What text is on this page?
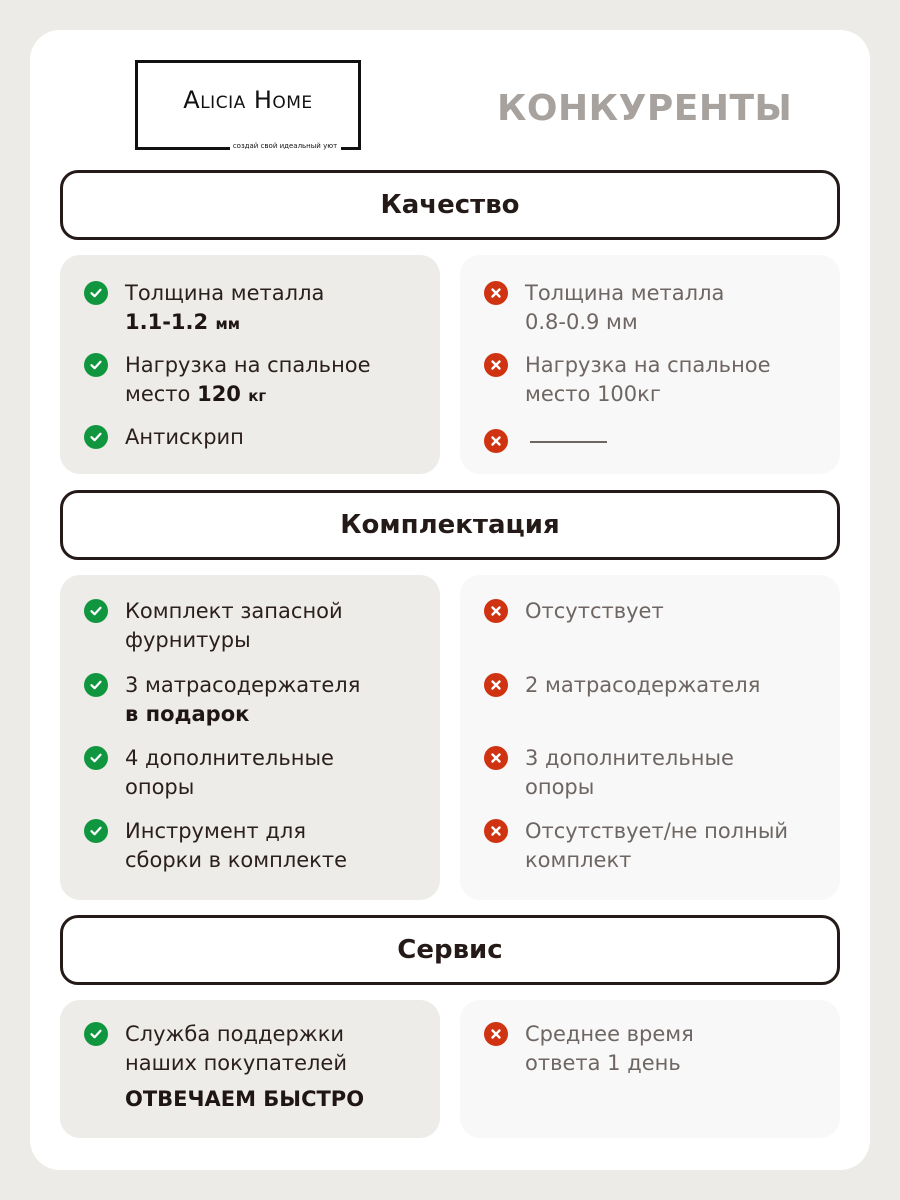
Alicia Home
создай свой идеальный уют
КОНКУРЕНТЫ
Качество
Толщина металла
1.1-1.2 мм
Нагрузка на спальное
место 120 кг
Антискрип
Толщина металла
0.8-0.9 мм
Нагрузка на спальное
место 100кг
Комплектация
Комплект запасной
фурнитуры
3 матрасодержателя
в подарок
4 дополнительные
опоры
Инструмент для
сборки в комплекте
Отсутствует
2 матрасодержателя
3 дополнительные
опоры
Отсутствует/не полный
комплект
Сервис
Служба поддержки
наших покупателей
ОТВЕЧАЕМ БЫСТРО
Среднее время
ответа 1 день
